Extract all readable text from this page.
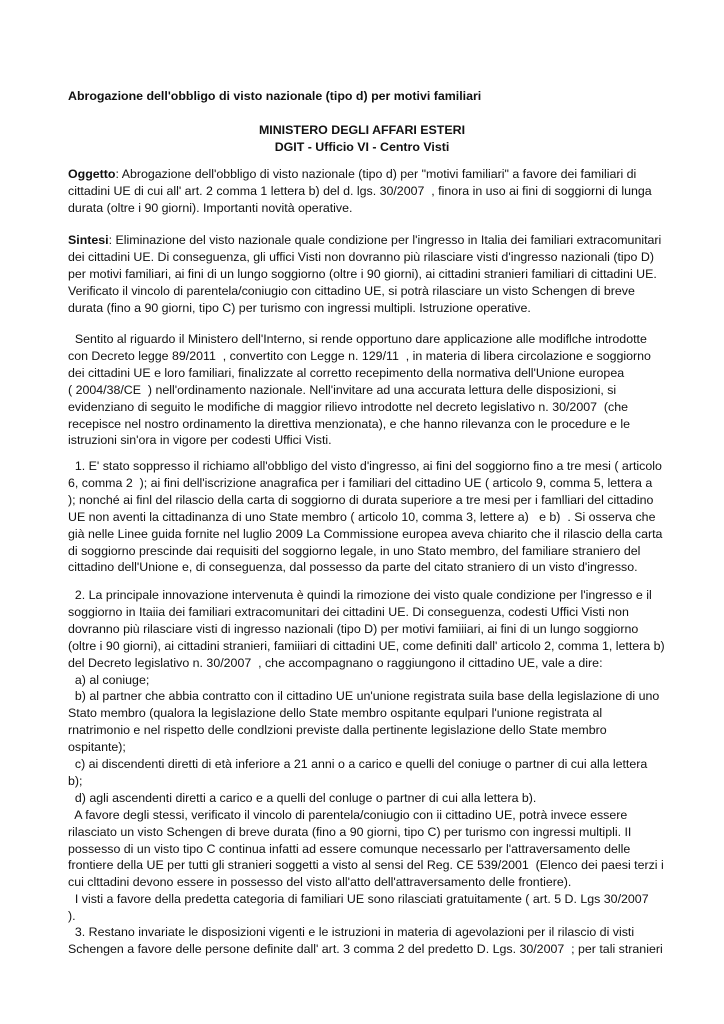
Abrogazione dell'obbligo di visto nazionale (tipo d) per motivi familiari
MINISTERO DEGLI AFFARI ESTERI
DGIT - Ufficio VI - Centro Visti
Oggetto: Abrogazione dell'obbligo di visto nazionale (tipo d) per "motivi familiari" a favore dei familiari di
cittadini UE di cui all' art. 2 comma 1 lettera b) del d. lgs. 30/2007  , finora in uso ai fini di soggiorni di lunga
durata (oltre i 90 giorni). Importanti novità operative.
Sintesi: Eliminazione del visto nazionale quale condizione per l'ingresso in Italia dei familiari extracomunitari
dei cittadini UE. Di conseguenza, gli uffici Visti non dovranno più rilasciare visti d'ingresso nazionali (tipo D)
per motivi familiari, ai fini di un lungo soggiorno (oltre i 90 giorni), ai cittadini stranieri familiari di cittadini UE.
Verificato il vincolo di parentela/coniugio con cittadino UE, si potrà rilasciare un visto Schengen di breve
durata (fino a 90 giorni, tipo C) per turismo con ingressi multipli. Istruzione operative.
Sentito al riguardo il Ministero dell'Interno, si rende opportuno dare applicazione alle modiflche introdotte
con Decreto legge 89/2011  , convertito con Legge n. 129/11  , in materia di libera circolazione e soggiorno
dei cittadini UE e loro familiari, finalizzate al corretto recepimento della normativa dell'Unione europea
( 2004/38/CE  ) nell'ordinamento nazionale. Nell'invitare ad una accurata lettura delle disposizioni, si
evidenziano di seguito le modifiche di maggior rilievo introdotte nel decreto legislativo n. 30/2007  (che
recepisce nel nostro ordinamento la direttiva menzionata), e che hanno rilevanza con le procedure e le
istruzioni sin'ora in vigore per codesti Uffici Visti.
1. E' stato soppresso il richiamo all'obbligo del visto d'ingresso, ai fini del soggiorno fino a tre mesi ( articolo
6, comma 2  ); ai fini dell'iscrizione anagrafica per i familiari del cittadino UE ( articolo 9, comma 5, lettera a
); nonché ai finl del rilascio della carta di soggiorno di durata superiore a tre mesi per i famlliari del cittadino
UE non aventi la cittadinanza di uno State membro ( articolo 10, comma 3, lettere a)   e b)  . Si osserva che
già nelle Linee guida fornite nel luglio 2009 La Commissione europea aveva chiarito che il rilascio della carta
di soggiorno prescinde dai requisiti del soggiorno legale, in uno Stato membro, del familiare straniero del
cittadino dell'Unione e, di conseguenza, dal possesso da parte del citato straniero di un visto d'ingresso.
2. La principale innovazione intervenuta è quindi la rimozione dei visto quale condizione per l'ingresso e il
soggiorno in Itaiia dei familiari extracomunitari dei cittadini UE. Di conseguenza, codesti Uffici Visti non
dovranno più rilasciare visti di ingresso nazionali (tipo D) per motivi famiiiari, ai fini di un lungo soggiorno
(oltre i 90 giorni), ai cittadini stranieri, famiiiari di cittadini UE, come definiti dall' articolo 2, comma 1, lettera b)
del Decreto legislativo n. 30/2007  , che accompagnano o raggiungono il cittadino UE, vale a dire:
a) al coniuge;
b) al partner che abbia contratto con il cittadino UE un'unione registrata suila base della legislazione di uno
Stato membro (qualora la legislazione dello State membro ospitante equlpari l'unione registrata al
rnatrimonio e nel rispetto delle condlzioni previste dalla pertinente legislazione dello State membro
ospitante);
c) ai discendenti diretti di età inferiore a 21 anni o a carico e quelli del coniuge o partner di cui alla lettera
b);
d) agli ascendenti diretti a carico e a quelli del conluge o partner di cui alla lettera b).
A favore degli stessi, verificato il vincolo di parentela/coniugio con ii cittadino UE, potrà invece essere
rilasciato un visto Schengen di breve durata (fino a 90 giorni, tipo C) per turismo con ingressi multipli. II
possesso di un visto tipo C continua infatti ad essere comunque necessarlo per l'attraversamento delle
frontiere della UE per tutti gli stranieri soggetti a visto al sensi del Reg. CE 539/2001  (Elenco dei paesi terzi i
cui clttadini devono essere in possesso del visto all'atto dell'attraversamento delle frontiere).
I visti a favore della predetta categoria di familiari UE sono rilasciati gratuitamente ( art. 5 D. Lgs 30/2007
).
3. Restano invariate le disposizioni vigenti e le istruzioni in materia di agevolazioni per il rilascio di visti
Schengen a favore delle persone definite dall' art. 3 comma 2 del predetto D. Lgs. 30/2007  ; per tali stranieri
